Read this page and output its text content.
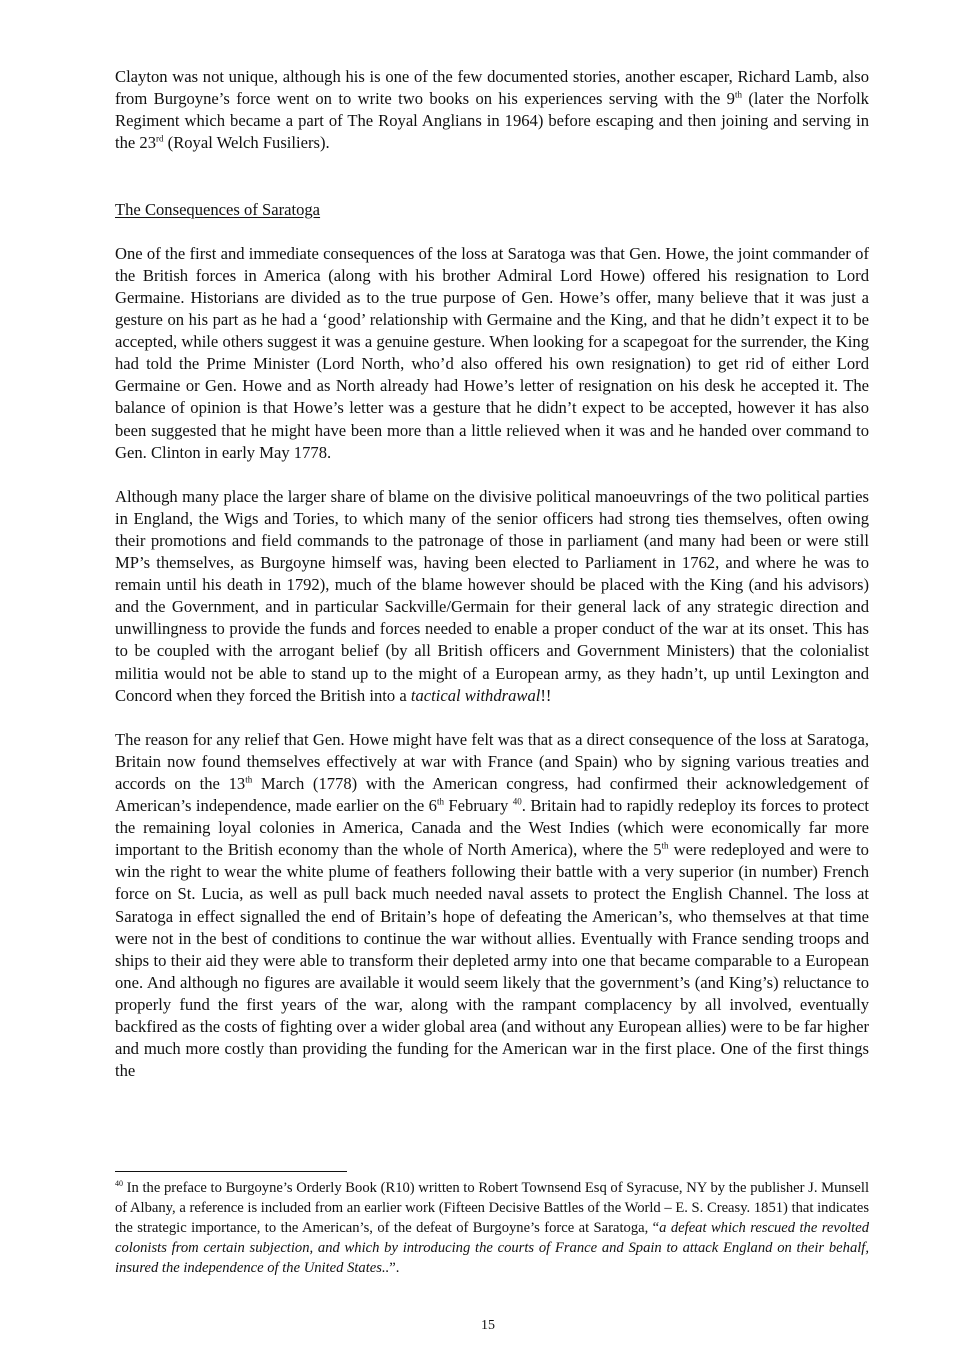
Clayton was not unique, although his is one of the few documented stories, another escaper, Richard Lamb, also from Burgoyne’s force went on to write two books on his experiences serving with the 9th (later the Norfolk Regiment which became a part of The Royal Anglians in 1964) before escaping and then joining and serving in the 23rd (Royal Welch Fusiliers).

The Consequences of Saratoga

One of the first and immediate consequences of the loss at Saratoga was that Gen. Howe, the joint commander of the British forces in America (along with his brother Admiral Lord Howe) offered his resignation to Lord Germaine. Historians are divided as to the true purpose of Gen. Howe’s offer, many believe that it was just a gesture on his part as he had a ‘good’ relationship with Germaine and the King, and that he didn’t expect it to be accepted, while others suggest it was a genuine gesture. When looking for a scapegoat for the surrender, the King had told the Prime Minister (Lord North, who’d also offered his own resignation) to get rid of either Lord Germaine or Gen. Howe and as North already had Howe’s letter of resignation on his desk he accepted it. The balance of opinion is that Howe’s letter was a gesture that he didn’t expect to be accepted, however it has also been suggested that he might have been more than a little relieved when it was and he handed over command to Gen. Clinton in early May 1778.

Although many place the larger share of blame on the divisive political manoeuvrings of the two political parties in England, the Wigs and Tories, to which many of the senior officers had strong ties themselves, often owing their promotions and field commands to the patronage of those in parliament (and many had been or were still MP’s themselves, as Burgoyne himself was, having been elected to Parliament in 1762, and where he was to remain until his death in 1792), much of the blame however should be placed with the King (and his advisors) and the Government, and in particular Sackville/Germain for their general lack of any strategic direction and unwillingness to provide the funds and forces needed to enable a proper conduct of the war at its onset. This has to be coupled with the arrogant belief (by all British officers and Government Ministers) that the colonialist militia would not be able to stand up to the might of a European army, as they hadn’t, up until Lexington and Concord when they forced the British into a tactical withdrawal!!

The reason for any relief that Gen. Howe might have felt was that as a direct consequence of the loss at Saratoga, Britain now found themselves effectively at war with France (and Spain) who by signing various treaties and accords on the 13th March (1778) with the American congress, had confirmed their acknowledgement of American’s independence, made earlier on the 6th February $^{40}$. Britain had to rapidly redeploy its forces to protect the remaining loyal colonies in America, Canada and the West Indies (which were economically far more important to the British economy than the whole of North America), where the 5th were redeployed and were to win the right to wear the white plume of feathers following their battle with a very superior (in number) French force on St. Lucia, as well as pull back much needed naval assets to protect the English Channel. The loss at Saratoga in effect signalled the end of Britain’s hope of defeating the American’s, who themselves at that time were not in the best of conditions to continue the war without allies. Eventually with France sending troops and ships to their aid they were able to transform their depleted army into one that became comparable to a European one. And although no figures are available it would seem likely that the government’s (and King’s) reluctance to properly fund the first years of the war, along with the rampant complacency by all involved, eventually backfired as the costs of fighting over a wider global area (and without any European allies) were to be far higher and much more costly than providing the funding for the American war in the first place. One of the first things the

$^{40}$ In the preface to Burgoyne’s Orderly Book (R10) written to Robert Townsend Esq of Syracuse, NY by the publisher J. Munsell of Albany, a reference is included from an earlier work (Fifteen Decisive Battles of the World – E. S. Creasy. 1851) that indicates the strategic importance, to the American’s, of the defeat of Burgoyne’s force at Saratoga, “a defeat which rescued the revolted colonists from certain subjection, and which by introducing the courts of France and Spain to attack England on their behalf, insured the independence of the United States..”.

15
